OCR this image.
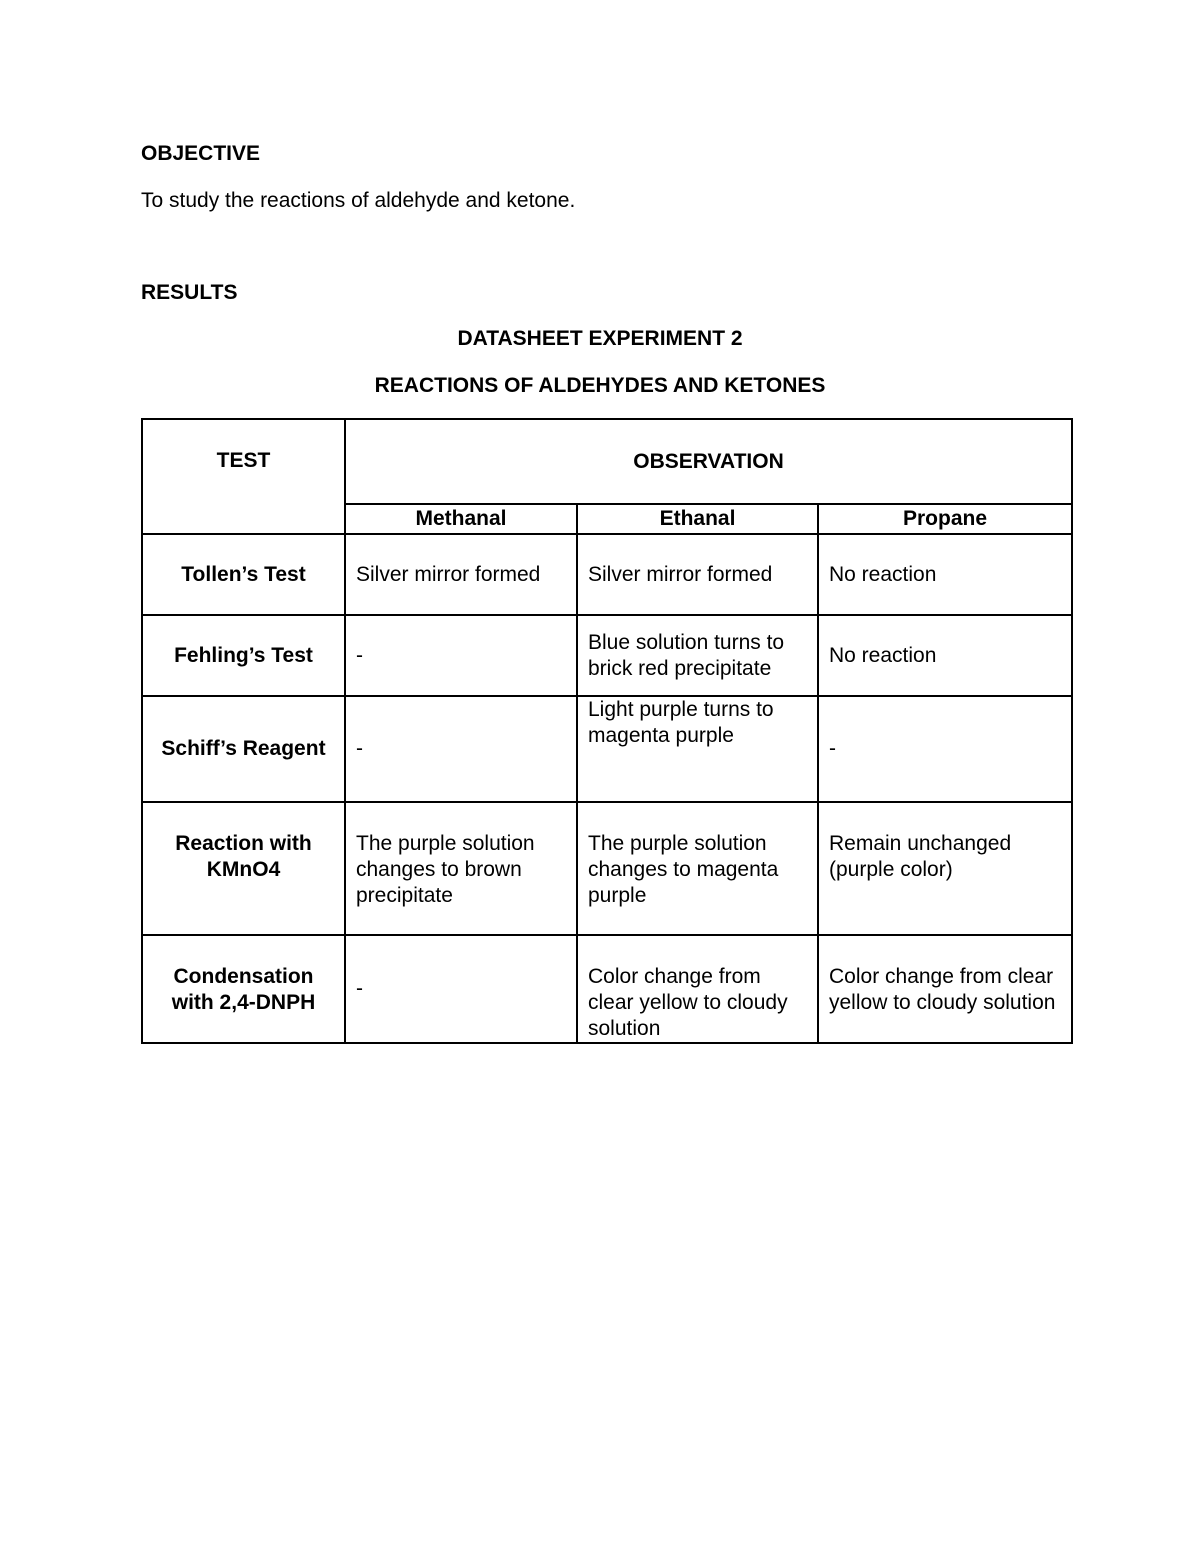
OBJECTIVE

To study the reactions of aldehyde and ketone.

RESULTS

DATASHEET EXPERIMENT 2

REACTIONS OF ALDEHYDES AND KETONES

TEST	OBSERVATION		
	Methanal	Ethanal	Propane
Tollen’s Test	Silver mirror formed	Silver mirror formed	No reaction
Fehling’s Test	-	Blue solution turns to brick red precipitate	No reaction
Schiff’s Reagent	-	Light purple turns to magenta purple	-
Reaction with KMnO4	The purple solution changes to brown precipitate	The purple solution changes to magenta purple	Remain unchanged (purple color)
Condensation with 2,4-DNPH	-	Color change from clear yellow to cloudy solution	Color change from clear yellow to cloudy solution
